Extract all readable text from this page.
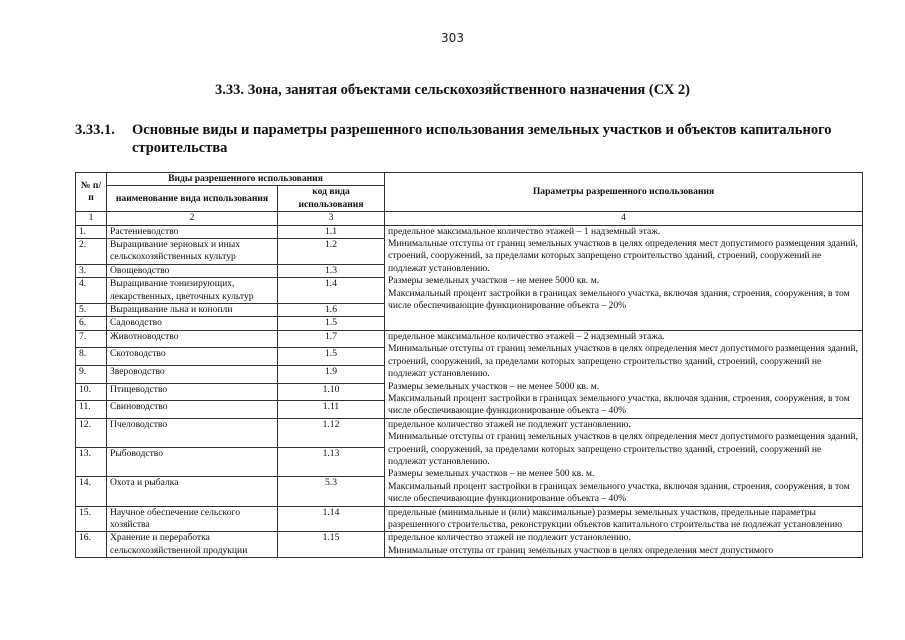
303
3.33. Зона, занятая объектами сельскохозяйственного назначения (СХ 2)
3.33.1. Основные виды и параметры разрешенного использования земельных участков и объектов капитального строительства
№ п/п	Виды разрешенного использования		Параметры разрешенного использования
	наименование вида использования	код вида использования	
1	2	3	4
1.	Растениеводство	1.1	предельное максимальное количество этажей – 1 надземный этаж.
Минимальные отступы от границ земельных участков в целях определения мест допустимого размещения зданий, строений, сооружений, за пределами которых запрещено строительство зданий, строений, сооружений не подлежат установлению.
Размеры земельных участков – не менее 5000 кв. м.
Максимальный процент застройки в границах земельного участка, включая здания, строения, сооружения, в том числе обеспечивающие функционирование объекта – 20%

2.	Выращивание зерновых и иных сельскохозяйственных культур	1.2	
3.	Овощеводство	1.3	
4.	Выращивание тонизирующих, лекарственных, цветочных культур	1.4	
5.	Выращивание льна и конопли	1.6	
6.	Садоводство	1.5	
7.	Животноводство	1.7	предельное максимальное количество этажей – 2 надземный этажа.
Минимальные отступы от границ земельных участков в целях определения мест допустимого размещения зданий, строений, сооружений, за пределами которых запрещено строительство зданий, строений, сооружений не подлежат установлению.
Размеры земельных участков – не менее 5000 кв. м.
Максимальный процент застройки в границах земельного участка, включая здания, строения, сооружения, в том числе обеспечивающие функционирование объекта – 40%

8.	Скотоводство	1.5	
9.	Звероводство	1.9	
10.	Птицеводство	1.10	
11.	Свиноводство	1.11	
12.	Пчеловодство	1.12	предельное количество этажей не подлежит установлению.
Минимальные отступы от границ земельных участков в целях определения мест допустимого размещения зданий, строений, сооружений, за пределами которых запрещено строительство зданий, строений, сооружений не подлежат установлению.
Размеры земельных участков – не менее 500 кв. м.
Максимальный процент застройки в границах земельного участка, включая здания, строения, сооружения, в том числе обеспечивающие функционирование объекта – 40%

13.	Рыбоводство	1.13	
14.	Охота и рыбалка	5.3	
15.	Научное обеспечение сельского хозяйства	1.14	предельные (минимальные и (или) максимальные) размеры земельных участков, предельные параметры разрешенного строительства, реконструкции объектов капитального строительства не подлежат установлению

16.	Хранение и переработка сельскохозяйственной продукции	1.15	предельное количество этажей не подлежит установлению.
Минимальные отступы от границ земельных участков в целях определения мест допустимого
